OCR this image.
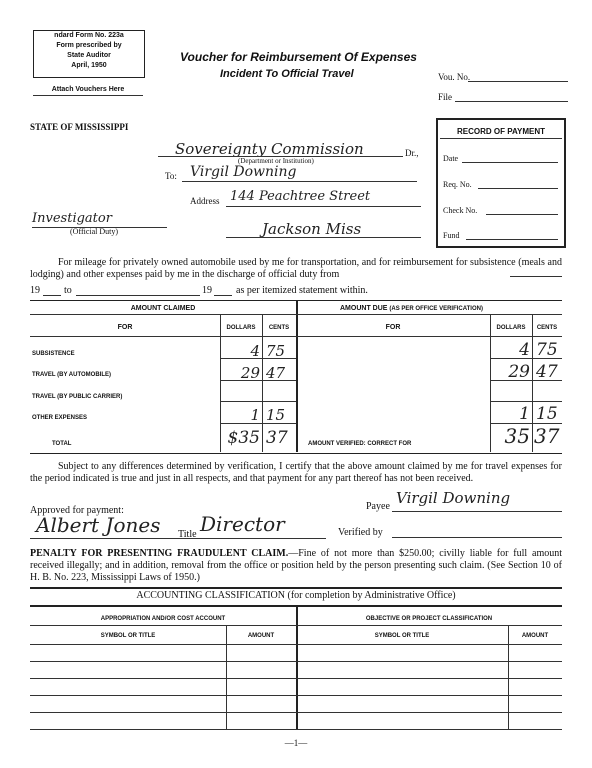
ndard Form No. 223a
Form prescribed by
State Auditor
April, 1950
Attach Vouchers Here
Voucher for Reimbursement Of Expenses
Incident To Official Travel	Vou. No.
File
STATE OF MISSISSIPPI	RECORD OF PAYMENT
Date
Req. No.
Check No.
Fund
Sovereignty Commission	Dr.,
(Department or Institution)
To: Virgil Downing
Address 144 Peachtree Street
Jackson Miss
Investigator
(Official Duty)
For mileage for privately owned automobile used by me for transportation, and for reimbursement for subsistence (meals and lodging) and other expenses paid by me in the discharge of official duty from
19 to	19 as per itemized statement within.
AMOUNT CLAIMED	AMOUNT DUE (AS PER OFFICE VERIFICATION)
FOR	DOLLARS	CENTS	FOR	DOLLARS	CENTS
SUBSISTENCE	4 75	4 75
TRAVEL (BY AUTOMOBILE)	29 47	29 47
TRAVEL (BY PUBLIC CARRIER)
OTHER EXPENSES	1 15	1 15
TOTAL	$35 37	AMOUNT VERIFIED: CORRECT FOR	35 37
Subject to any differences determined by verification, I certify that the above amount claimed by me for travel expenses for the period indicated is true and just in all respects, and that payment for any part thereof has not been received.
Payee Virgil Downing
Approved for payment:
Albert Jones Title Director	Verified by
PENALTY FOR PRESENTING FRAUDULENT CLAIM.—Fine of not more than $250.00; civilly liable for full amount received illegally; and in addition, removal from the office or position held by the person presenting such claim. (See Section 10 of H. B. No. 223, Mississippi Laws of 1950.)
ACCOUNTING CLASSIFICATION (for completion by Administrative Office)
APPROPRIATION AND/OR COST ACCOUNT	OBJECTIVE OR PROJECT CLASSIFICATION
SYMBOL OR TITLE	AMOUNT	SYMBOL OR TITLE	AMOUNT
—1—
